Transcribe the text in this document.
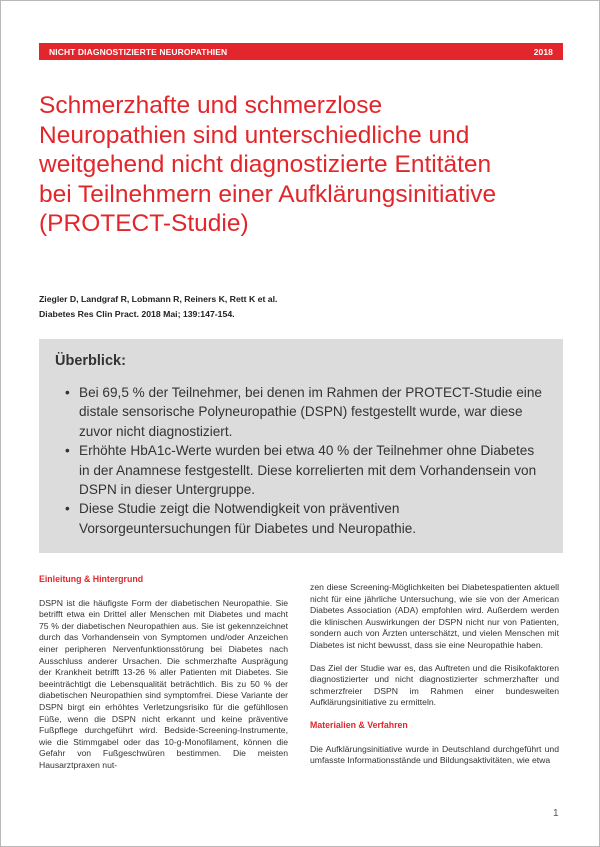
NICHT DIAGNOSTIZIERTE NEUROPATHIEN	2018
Schmerzhafte und schmerzlose
Neuropathien sind unterschiedliche und
weitgehend nicht diagnostizierte Entitäten
bei Teilnehmern einer Aufklärungsinitiative
(PROTECT-Studie)
Ziegler D, Landgraf R, Lobmann R, Reiners K, Rett K et al.
Diabetes Res Clin Pract. 2018 Mai; 139:147-154.
Überblick:
• Bei 69,5 % der Teilnehmer, bei denen im Rahmen der PROTECT-Studie eine distale sensorische Polyneuropathie (DSPN) festgestellt wurde, war diese zuvor nicht diagnostiziert.
• Erhöhte HbA1c-Werte wurden bei etwa 40 % der Teilnehmer ohne Diabetes in der Anamnese festgestellt. Diese korrelierten mit dem Vorhandensein von DSPN in dieser Untergruppe.
• Diese Studie zeigt die Notwendigkeit von präventiven Vorsorgeuntersuchungen für Diabetes und Neuropathie.
Einleitung & Hintergrund

DSPN ist die häufigste Form der diabetischen Neuropathie. Sie betrifft etwa ein Drittel aller Menschen mit Diabetes und macht 75 % der diabetischen Neuropathien aus. Sie ist gekennzeichnet durch das Vorhandensein von Symptomen und/oder Anzeichen einer peripheren Nervenfunktionsstörung bei Diabetes nach Ausschluss anderer Ursachen. Die schmerzhafte Ausprägung der Krankheit betrifft 13-26 % aller Patienten mit Diabetes. Sie beeinträchtigt die Lebensqualität beträchtlich. Bis zu 50 % der diabetischen Neuropathien sind symptomfrei. Diese Variante der DSPN birgt ein erhöhtes Verletzungsrisiko für die gefühllosen Füße, wenn die DSPN nicht erkannt und keine präventive Fußpflege durchgeführt wird. Bedside-Screening-Instrumente, wie die Stimmgabel oder das 10-g-Monofilament, können die Gefahr von Fußgeschwüren bestimmen. Die meisten Hausarztpraxen nut-

zen diese Screening-Möglichkeiten bei Diabetespatienten aktuell nicht für eine jährliche Untersuchung, wie sie von der American Diabetes Association (ADA) empfohlen wird. Außerdem werden die klinischen Auswirkungen der DSPN nicht nur von Patienten, sondern auch von Ärzten unterschätzt, und vielen Menschen mit Diabetes ist nicht bewusst, dass sie eine Neuropathie haben.

Das Ziel der Studie war es, das Auftreten und die Risikofaktoren diagnostizierter und nicht diagnostizierter schmerzhafter und schmerzfreier DSPN im Rahmen einer bundesweiten Aufklärungsinitiative zu ermitteln.

Materialien & Verfahren

Die Aufklärungsinitiative wurde in Deutschland durchgeführt und umfasste Informationsstände und Bildungsaktivitäten, wie etwa

1
